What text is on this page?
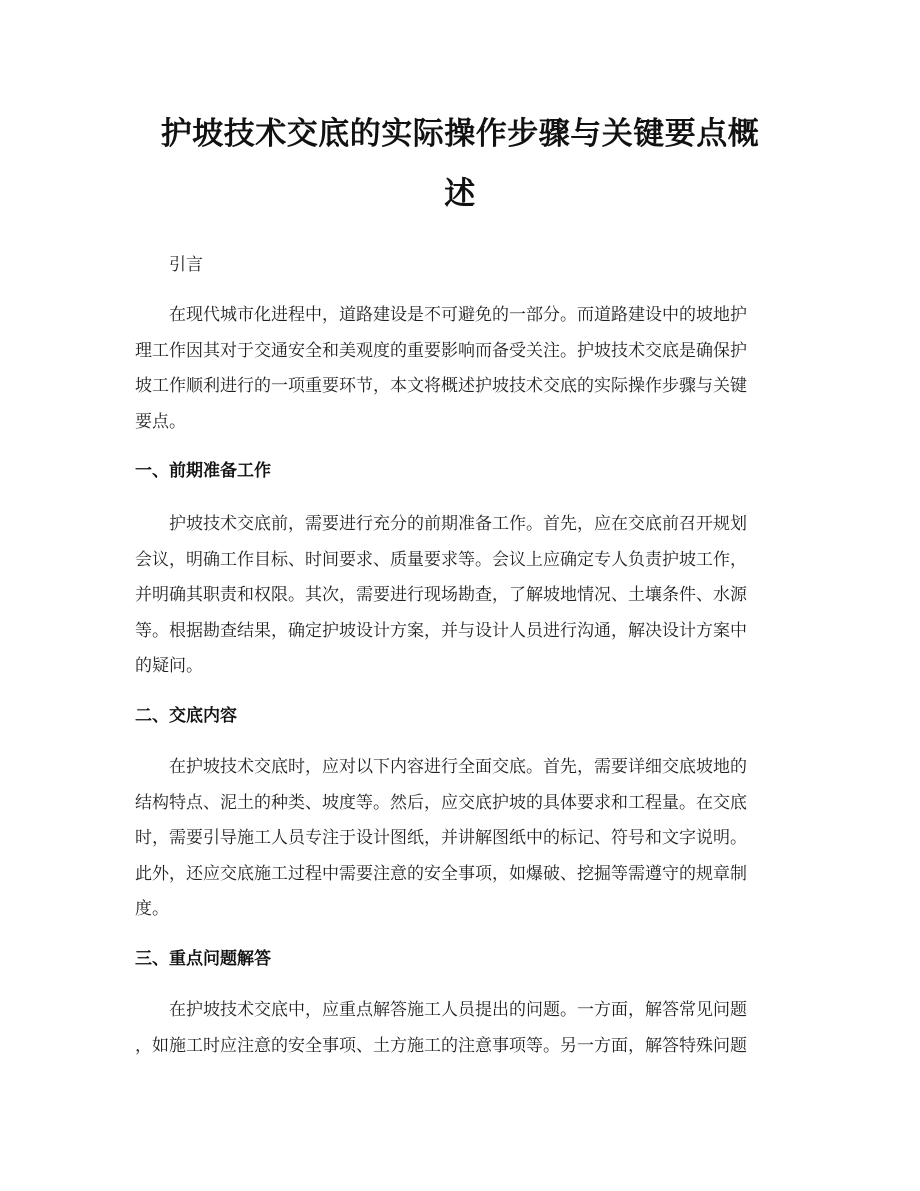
护坡技术交底的实际操作步骤与关键要点概
述

引言

在现代城市化进程中，道路建设是不可避免的一部分。而道路建设中的坡地护
理工作因其对于交通安全和美观度的重要影响而备受关注。护坡技术交底是确保护
坡工作顺利进行的一项重要环节，本文将概述护坡技术交底的实际操作步骤与关键
要点。
一、前期准备工作
护坡技术交底前，需要进行充分的前期准备工作。首先，应在交底前召开规划
会议，明确工作目标、时间要求、质量要求等。会议上应确定专人负责护坡工作，
并明确其职责和权限。其次，需要进行现场勘查，了解坡地情况、土壤条件、水源
等。根据勘查结果，确定护坡设计方案，并与设计人员进行沟通，解决设计方案中
的疑问。
二、交底内容
在护坡技术交底时，应对以下内容进行全面交底。首先，需要详细交底坡地的
结构特点、泥土的种类、坡度等。然后，应交底护坡的具体要求和工程量。在交底
时，需要引导施工人员专注于设计图纸，并讲解图纸中的标记、符号和文字说明。
此外，还应交底施工过程中需要注意的安全事项，如爆破、挖掘等需遵守的规章制
度。
三、重点问题解答
在护坡技术交底中，应重点解答施工人员提出的问题。一方面，解答常见问题
，如施工时应注意的安全事项、土方施工的注意事项等。另一方面，解答特殊问题
